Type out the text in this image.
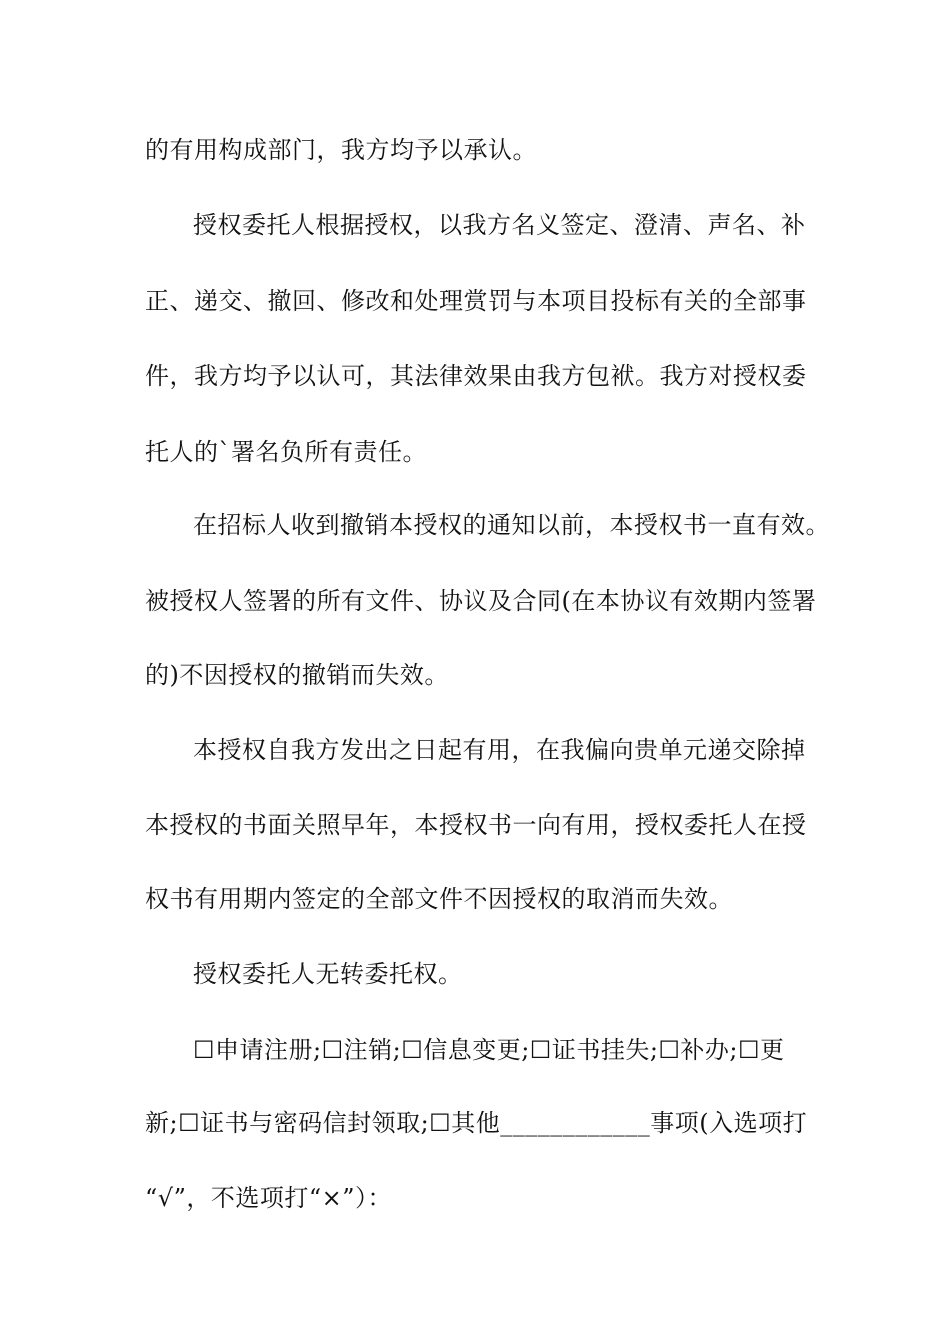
的有用构成部门，我方均予以承认。
授权委托人根据授权，以我方名义签定、澄清、声名、补
正、递交、撤回、修改和处理赏罚与本项目投标有关的全部事
件，我方均予以认可，其法律效果由我方包袱。我方对授权委
托人的`署名负所有责任。
在招标人收到撤销本授权的通知以前，本授权书一直有效。
被授权人签署的所有文件、协议及合同(在本协议有效期内签署
的)不因授权的撤销而失效。
本授权自我方发出之日起有用，在我偏向贵单元递交除掉
本授权的书面关照早年，本授权书一向有用，授权委托人在授
权书有用期内签定的全部文件不因授权的取消而失效。
授权委托人无转委托权。
☐申请注册;☐注销;☐信息变更;☐证书挂失;☐补办;☐更
新;☐证书与密码信封领取;☐其他____________事项(入选项打
“√”，不选项打“×”）：
